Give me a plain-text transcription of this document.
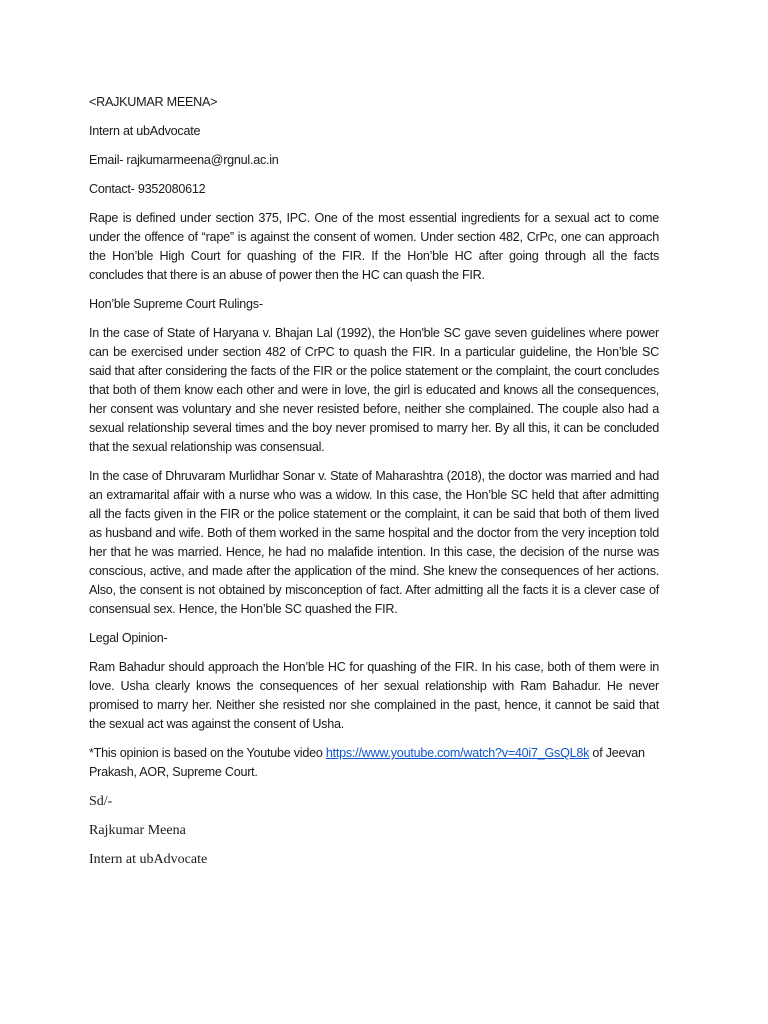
<RAJKUMAR MEENA>

Intern at ubAdvocate

Email- rajkumarmeena@rgnul.ac.in

Contact- 9352080612

Rape is defined under section 375, IPC. One of the most essential ingredients for a sexual act to come under the offence of “rape” is against the consent of women. Under section 482, CrPc, one can approach the Hon’ble High Court for quashing of the FIR. If the Hon’ble HC after going through all the facts concludes that there is an abuse of power then the HC can quash the FIR.

Hon’ble Supreme Court Rulings-

In the case of State of Haryana v. Bhajan Lal (1992), the Hon'ble SC gave seven guidelines where power can be exercised under section 482 of CrPC to quash the FIR. In a particular guideline, the Hon’ble SC said that after considering the facts of the FIR or the police statement or the complaint, the court concludes that both of them know each other and were in love, the girl is educated and knows all the consequences, her consent was voluntary and she never resisted before, neither she complained. The couple also had a sexual relationship several times and the boy never promised to marry her. By all this, it can be concluded that the sexual relationship was consensual.

In the case of Dhruvaram Murlidhar Sonar v. State of Maharashtra (2018), the doctor was married and had an extramarital affair with a nurse who was a widow. In this case, the Hon’ble SC held that after admitting all the facts given in the FIR or the police statement or the complaint, it can be said that both of them lived as husband and wife. Both of them worked in the same hospital and the doctor from the very inception told her that he was married. Hence, he had no malafide intention. In this case, the decision of the nurse was conscious, active, and made after the application of the mind. She knew the consequences of her actions. Also, the consent is not obtained by misconception of fact. After admitting all the facts it is a clever case of consensual sex. Hence, the Hon’ble SC quashed the FIR.

Legal Opinion-

Ram Bahadur should approach the Hon’ble HC for quashing of the FIR. In his case, both of them were in love. Usha clearly knows the consequences of her sexual relationship with Ram Bahadur. He never promised to marry her. Neither she resisted nor she complained in the past, hence, it cannot be said that the sexual act was against the consent of Usha.

*This opinion is based on the Youtube video https://www.youtube.com/watch?v=40i7_GsQL8k of Jeevan Prakash, AOR, Supreme Court.

Sd/-

Rajkumar Meena

Intern at ubAdvocate
